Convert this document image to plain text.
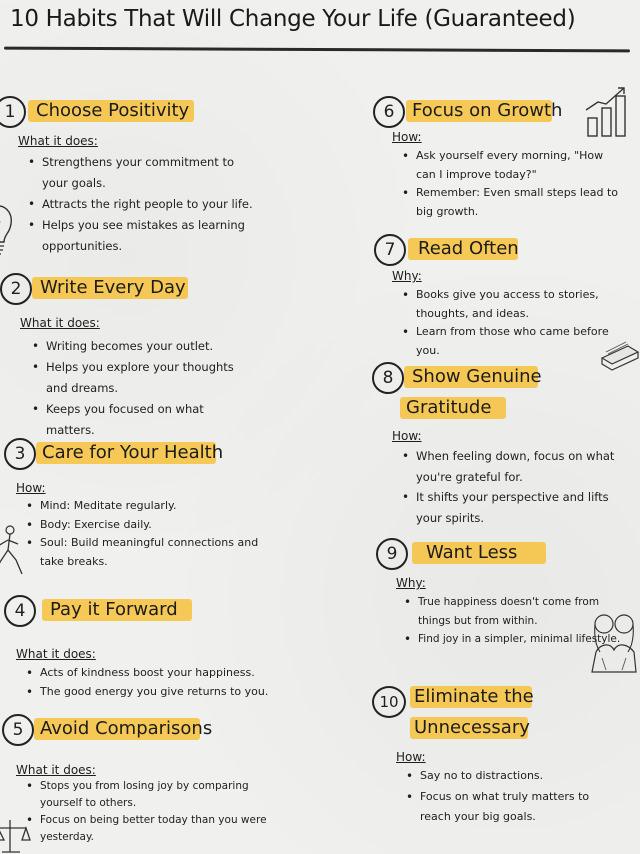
10 Habits That Will Change Your Life (Guaranteed)
1	Choose Positivity
What it does:
• Strengthens your commitment to your goals.
• Attracts the right people to your life.
• Helps you see mistakes as learning opportunities.
2	Write Every Day
What it does:
• Writing becomes your outlet.
• Helps you explore your thoughts and dreams.
• Keeps you focused on what matters.
3 Care for Your Health
How:
• Mind: Meditate regularly.
• Body: Exercise daily.
• Soul: Build meaningful connections and take breaks.
4	Pay it Forward
What it does:
• Acts of kindness boost your happiness.
• The good energy you give returns to you.
5 Avoid Comparisons
What it does:
• Stops you from losing joy by comparing yourself to others.
• Focus on being better today than you were yesterday.
6 Focus on Growth
How:
• Ask yourself every morning, "How can I improve today?"
• Remember: Even small steps lead to big growth.
7	Read Often
Why:
• Books give you access to stories, thoughts, and ideas.
• Learn from those who came before you.
8	Show Genuine
Gratitude
How:
• When feeling down, focus on what you're grateful for.
• It shifts your perspective and lifts your spirits.
9	Want Less
Why:
• True happiness doesn't come from things but from within.
• Find joy in a simpler, minimal lifestyle.
10 Eliminate the
Unnecessary
How:
• Say no to distractions.
• Focus on what truly matters to reach your big goals.
